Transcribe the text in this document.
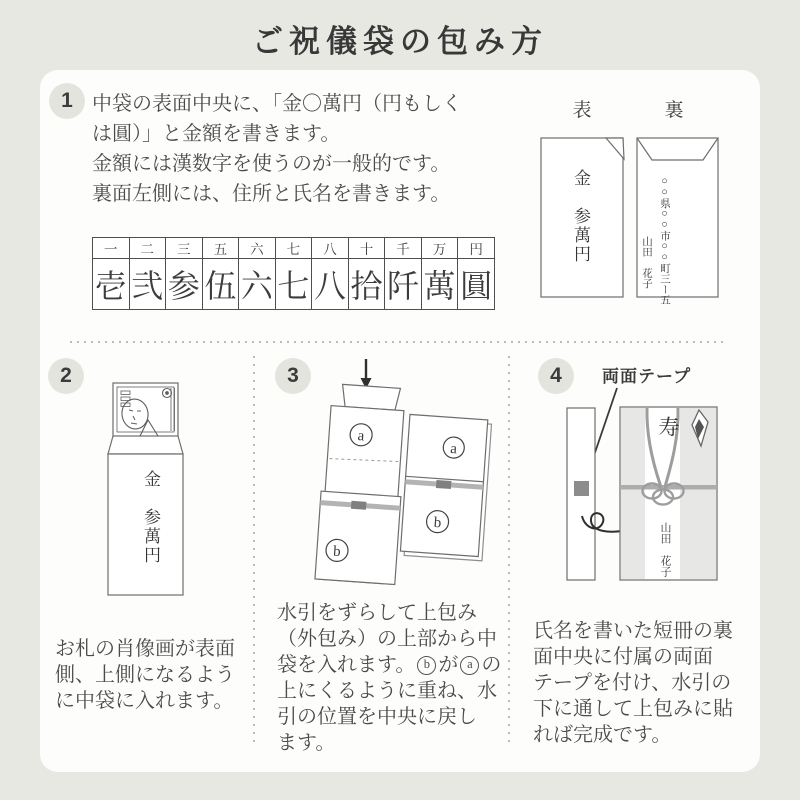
ご祝儀袋の包み方
a
b
a
b
1 中袋の表面中央に、「金〇萬円（円もしく
は圓）」と金額を書きます。
金額には漢数字を使うのが一般的です。
裏面左側には、住所と氏名を書きます。
一	二	三	五	六	七	八	十	千	万	円
壱	弐	参	伍	六	七	八	拾	阡	萬	圓
表	裏
金　参萬円	○○県○○市○○町三ー五
山田　花子
2
金　参萬円
お札の肖像画が表面
側、上側になるよう
に中袋に入れます。
3
水引をずらして上包み
（外包み）の上部から中
袋を入れます。 b が a の
上にくるように重ね、水
引の位置を中央に戻し
ます。
4	両面テープ
寿
山田　花子
氏名を書いた短冊の裏
面中央に付属の両面
テープを付け、水引の
下に通して上包みに貼
れば完成です。
